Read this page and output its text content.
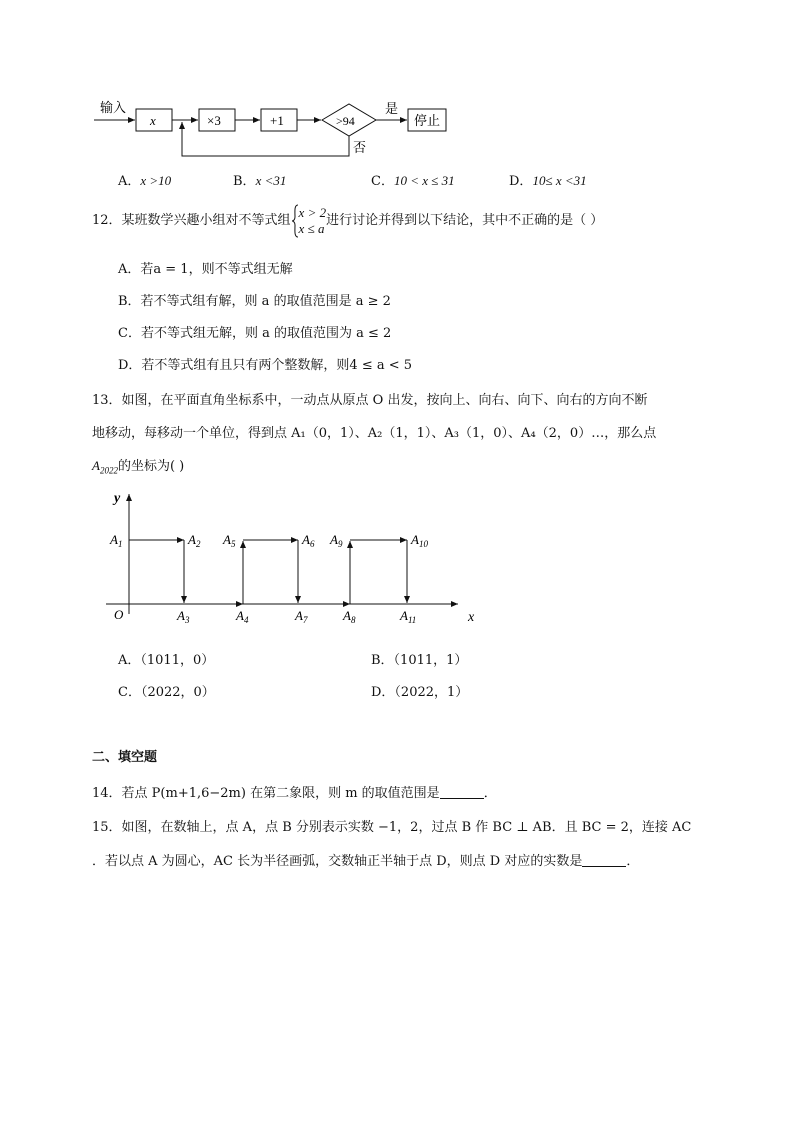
输入
x	×3	+1	>94
是
停止
否
A．x >10	B．x <31	C．10 < x ≤ 31	D．10≤ x <31
12．某班数学兴趣小组对不等式组x > 2
x ≤ a进行讨论并得到以下结论，其中不正确的是（ ）
A．若a = 1，则不等式组无解
B．若不等式组有解，则 a 的取值范围是 a ≥ 2
C．若不等式组无解，则 a 的取值范围为 a ≤ 2
D．若不等式组有且只有两个整数解，则4 ≤ a < 5
13．如图，在平面直角坐标系中，一动点从原点 O 出发，按向上、向右、向下、向右的方向不断
地移动，每移动一个单位，得到点 A₁（0，1）、A₂（1，1）、A₃（1，0）、A₄（2，0）…，那么点
$A_{2022}$的坐标为( )
y
x
O
$A_1$	$A_2$
$A_3$	$A_4$
$A_5$	$A_6$
$A_7$	$A_8$
$A_9$	$A_{10}$
$A_{11}$
A．（1011，0）	B．（1011，1）
C．（2022，0）	D．（2022，1）
二、填空题
14．若点 P(m+1,6−2m) 在第二象限，则 m 的取值范围是	．
15．如图，在数轴上，点 A，点 B 分别表示实数 −1，2，过点 B 作 BC ⊥ AB．且 BC = 2，连接 AC
．若以点 A 为圆心，AC 长为半径画弧，交数轴正半轴于点 D，则点 D 对应的实数是	．
